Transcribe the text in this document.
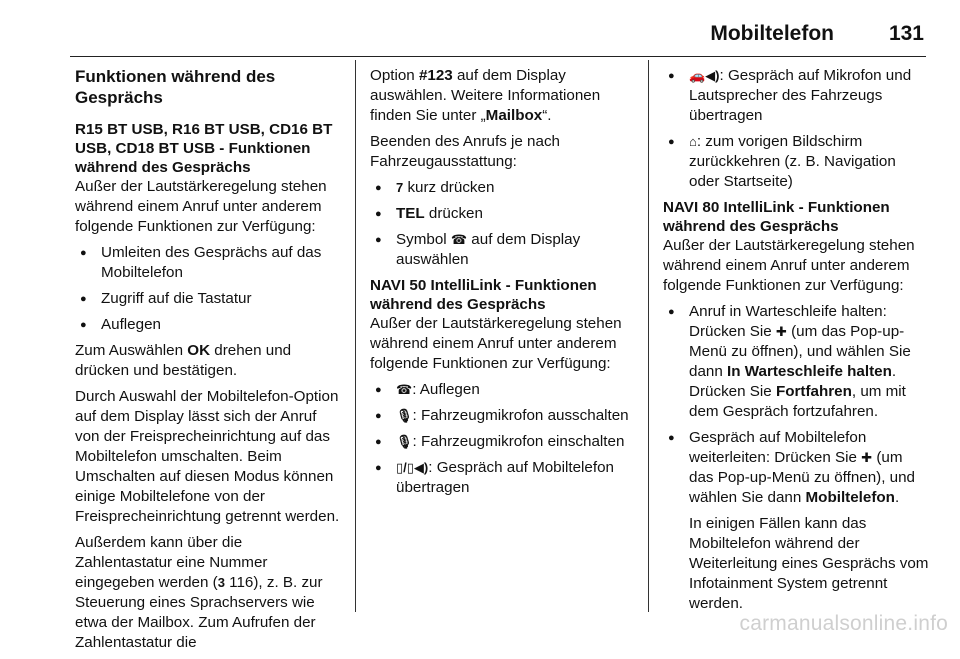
Mobiltelefon	131
Funktionen während des Gesprächs
R15 BT USB, R16 BT USB, CD16 BT USB, CD18 BT USB - Funktionen während des Gesprächs

Außer der Lautstärkeregelung stehen während einem Anruf unter anderem folgende Funktionen zur Verfügung:

● Umleiten des Gesprächs auf das Mobiltelefon
● Zugriff auf die Tastatur
● Auflegen

Zum Auswählen OK drehen und drücken und bestätigen.

Durch Auswahl der Mobiltelefon-Option auf dem Display lässt sich der Anruf von der Freisprecheinrichtung auf das Mobiltelefon umschalten. Beim Umschalten auf diesen Modus können einige Mobiltelefone von der Freisprecheinrichtung getrennt werden.

Außerdem kann über die Zahlentastatur eine Nummer eingegeben werden (3 116), z. B. zur Steuerung eines Sprachservers wie etwa der Mailbox. Zum Aufrufen der Zahlentastatur die

Option #123 auf dem Display auswählen. Weitere Informationen finden Sie unter „Mailbox“.

Beenden des Anrufs je nach Fahrzeugausstattung:

● 7 kurz drücken
● TEL drücken
● Symbol ☎ auf dem Display auswählen
NAVI 50 IntelliLink - Funktionen während des Gesprächs

Außer der Lautstärkeregelung stehen während einem Anruf unter anderem folgende Funktionen zur Verfügung:

● ☎: Auflegen
● 🎙: Fahrzeugmikrofon ausschalten
● 🎙: Fahrzeugmikrofon einschalten
● ▯/▯◀): Gespräch auf Mobiltelefon übertragen
● 🚗◀): Gespräch auf Mikrofon und Lautsprecher des Fahrzeugs übertragen
● ⌂: zum vorigen Bildschirm zurückkehren (z. B. Navigation oder Startseite)
NAVI 80 IntelliLink - Funktionen während des Gesprächs

Außer der Lautstärkeregelung stehen während einem Anruf unter anderem folgende Funktionen zur Verfügung:

● Anruf in Warteschleife halten: Drücken Sie ✚ (um das Pop-up-Menü zu öffnen), und wählen Sie dann In Warteschleife halten. Drücken Sie Fortfahren, um mit dem Gespräch fortzufahren.
● Gespräch auf Mobiltelefon weiterleiten: Drücken Sie ✚ (um das Pop-up-Menü zu öffnen), und wählen Sie dann Mobiltelefon.
In einigen Fällen kann das Mobiltelefon während der Weiterleitung eines Gesprächs vom Infotainment System getrennt werden.
carmanualsonline.info
